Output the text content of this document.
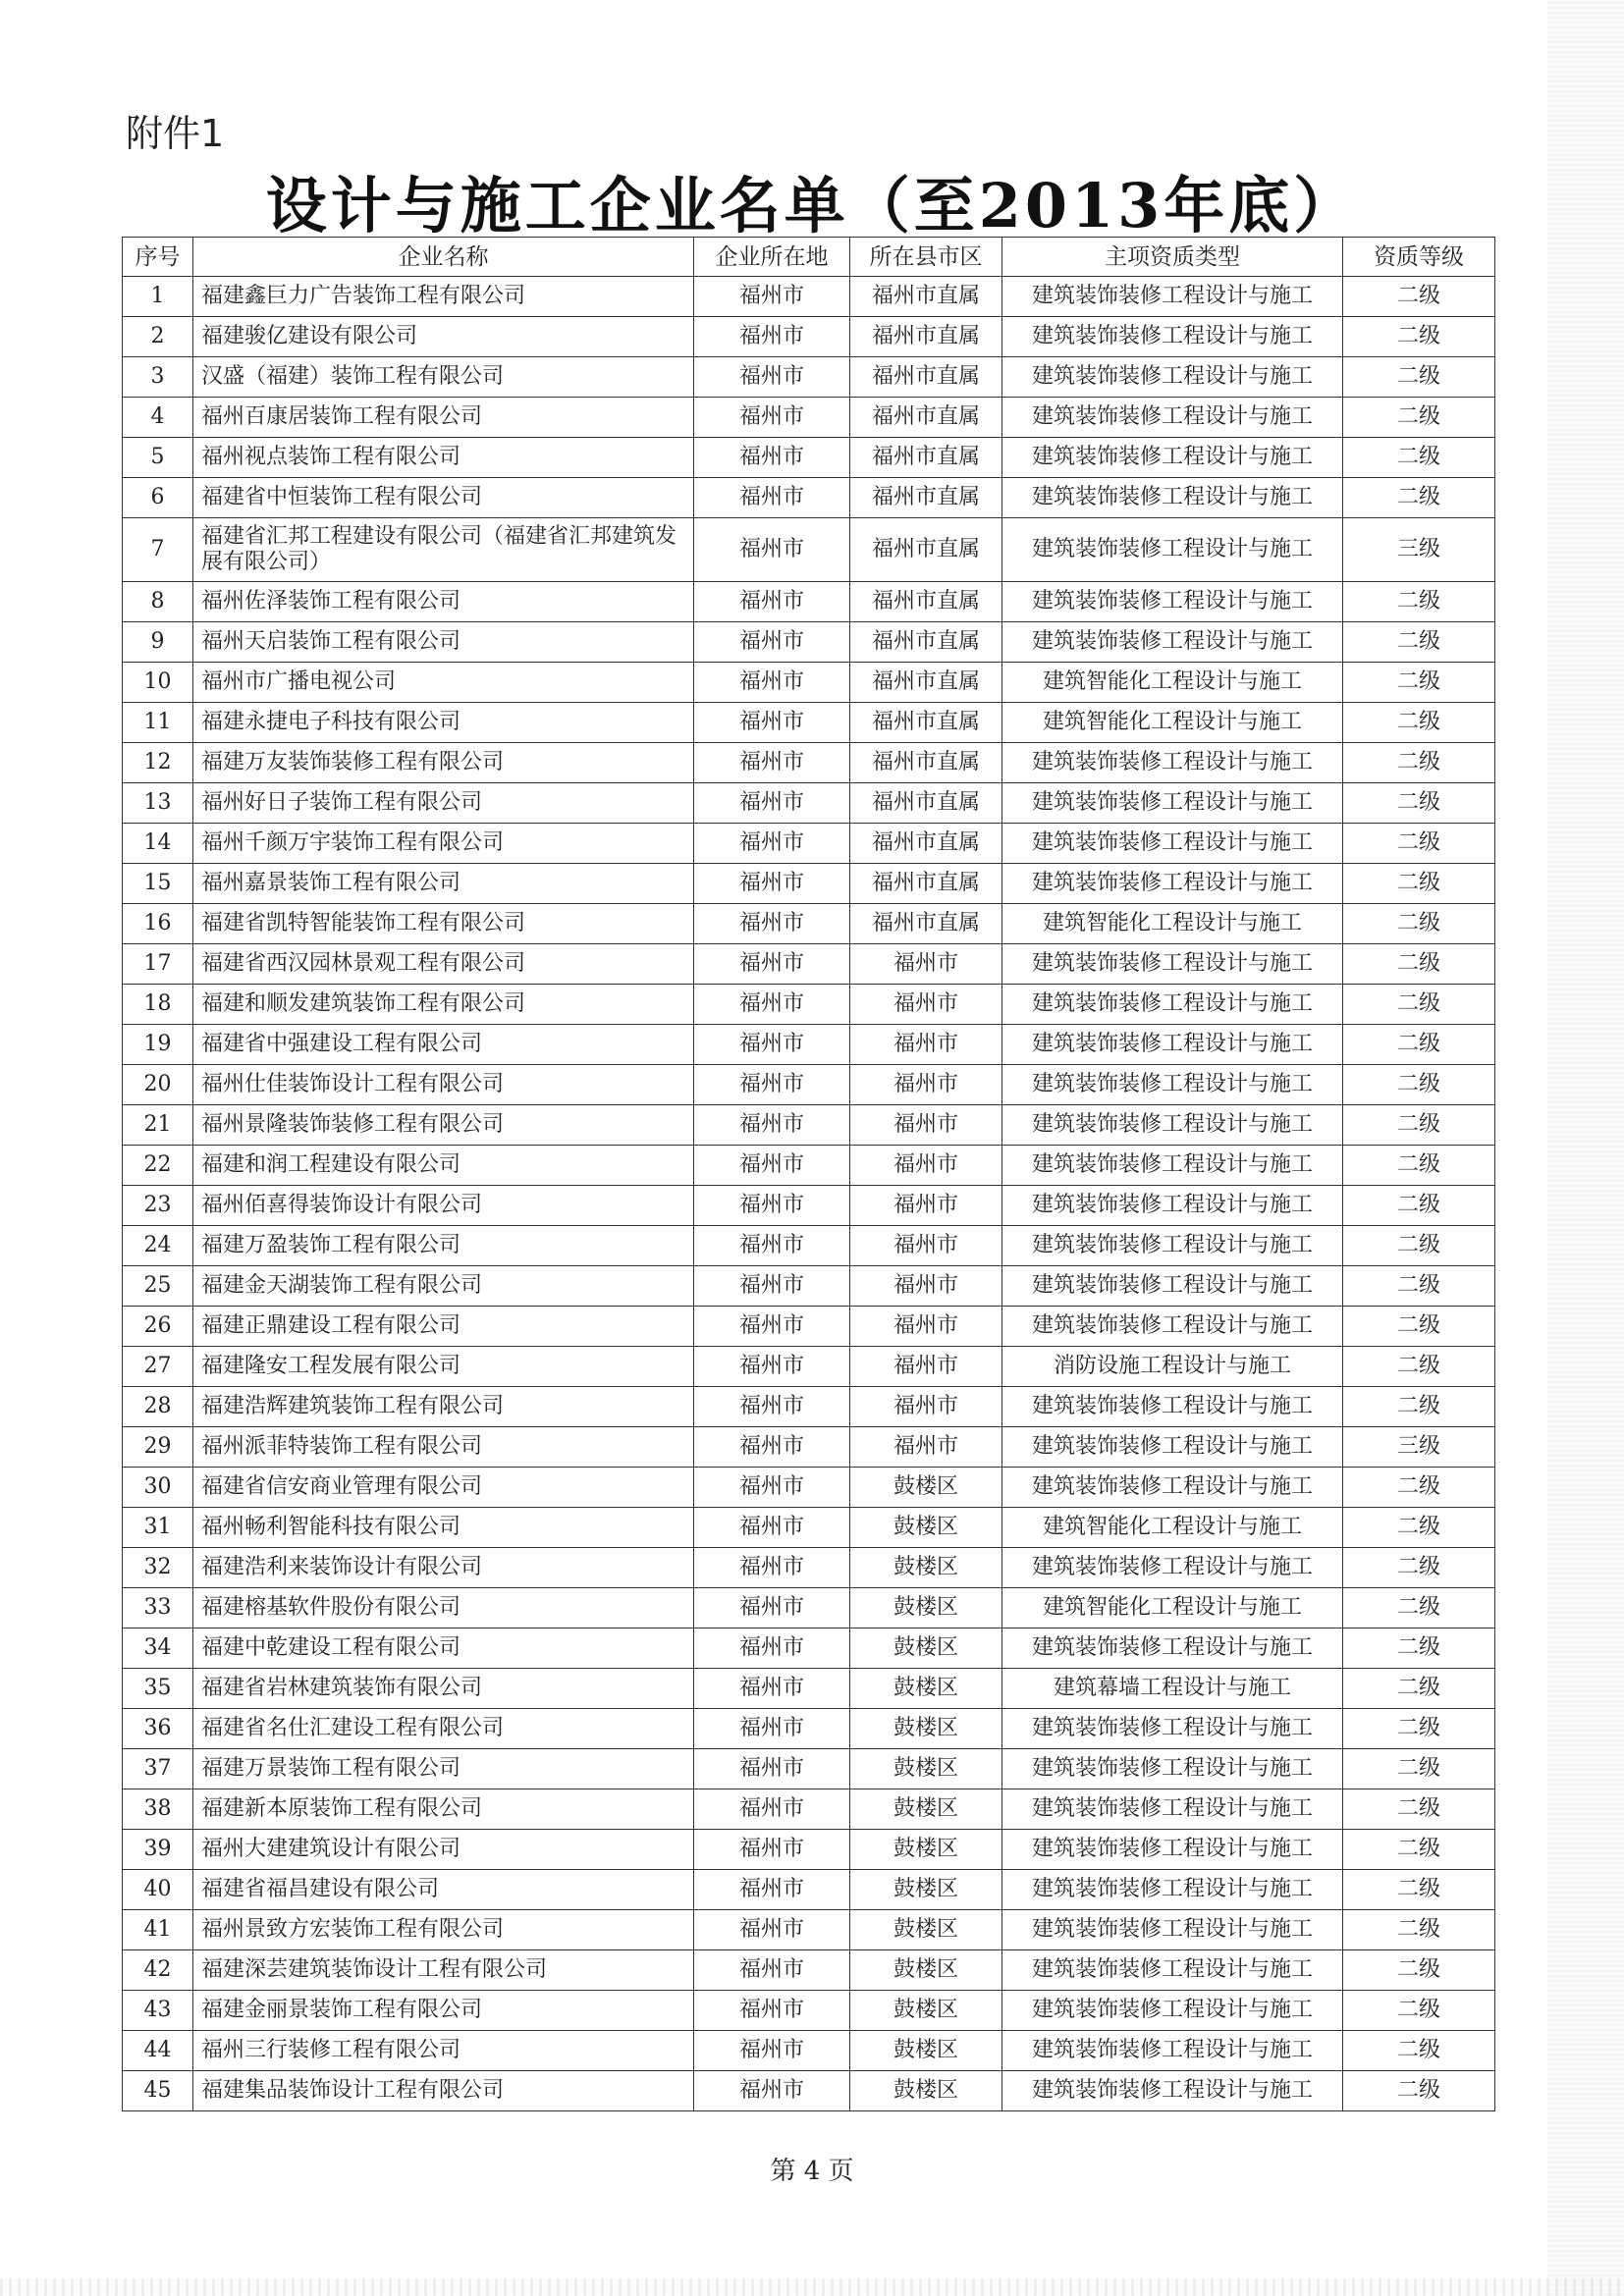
附件1
设计与施工企业名单（至2013年底）
序号	企业名称	企业所在地	所在县市区	主项资质类型	资质等级
1	福建鑫巨力广告装饰工程有限公司	福州市	福州市直属	建筑装饰装修工程设计与施工	二级
2	福建骏亿建设有限公司	福州市	福州市直属	建筑装饰装修工程设计与施工	二级
3	汉盛（福建）装饰工程有限公司	福州市	福州市直属	建筑装饰装修工程设计与施工	二级
4	福州百康居装饰工程有限公司	福州市	福州市直属	建筑装饰装修工程设计与施工	二级
5	福州视点装饰工程有限公司	福州市	福州市直属	建筑装饰装修工程设计与施工	二级
6	福建省中恒装饰工程有限公司	福州市	福州市直属	建筑装饰装修工程设计与施工	二级
7	福建省汇邦工程建设有限公司（福建省汇邦建筑发展有限公司）	福州市	福州市直属	建筑装饰装修工程设计与施工	三级
8	福州佐泽装饰工程有限公司	福州市	福州市直属	建筑装饰装修工程设计与施工	二级
9	福州天启装饰工程有限公司	福州市	福州市直属	建筑装饰装修工程设计与施工	二级
10	福州市广播电视公司	福州市	福州市直属	建筑智能化工程设计与施工	二级
11	福建永捷电子科技有限公司	福州市	福州市直属	建筑智能化工程设计与施工	二级
12	福建万友装饰装修工程有限公司	福州市	福州市直属	建筑装饰装修工程设计与施工	二级
13	福州好日子装饰工程有限公司	福州市	福州市直属	建筑装饰装修工程设计与施工	二级
14	福州千颜万宇装饰工程有限公司	福州市	福州市直属	建筑装饰装修工程设计与施工	二级
15	福州嘉景装饰工程有限公司	福州市	福州市直属	建筑装饰装修工程设计与施工	二级
16	福建省凯特智能装饰工程有限公司	福州市	福州市直属	建筑智能化工程设计与施工	二级
17	福建省西汉园林景观工程有限公司	福州市	福州市	建筑装饰装修工程设计与施工	二级
18	福建和顺发建筑装饰工程有限公司	福州市	福州市	建筑装饰装修工程设计与施工	二级
19	福建省中强建设工程有限公司	福州市	福州市	建筑装饰装修工程设计与施工	二级
20	福州仕佳装饰设计工程有限公司	福州市	福州市	建筑装饰装修工程设计与施工	二级
21	福州景隆装饰装修工程有限公司	福州市	福州市	建筑装饰装修工程设计与施工	二级
22	福建和润工程建设有限公司	福州市	福州市	建筑装饰装修工程设计与施工	二级
23	福州佰喜得装饰设计有限公司	福州市	福州市	建筑装饰装修工程设计与施工	二级
24	福建万盈装饰工程有限公司	福州市	福州市	建筑装饰装修工程设计与施工	二级
25	福建金天湖装饰工程有限公司	福州市	福州市	建筑装饰装修工程设计与施工	二级
26	福建正鼎建设工程有限公司	福州市	福州市	建筑装饰装修工程设计与施工	二级
27	福建隆安工程发展有限公司	福州市	福州市	消防设施工程设计与施工	二级
28	福建浩辉建筑装饰工程有限公司	福州市	福州市	建筑装饰装修工程设计与施工	二级
29	福州派菲特装饰工程有限公司	福州市	福州市	建筑装饰装修工程设计与施工	三级
30	福建省信安商业管理有限公司	福州市	鼓楼区	建筑装饰装修工程设计与施工	二级
31	福州畅利智能科技有限公司	福州市	鼓楼区	建筑智能化工程设计与施工	二级
32	福建浩利来装饰设计有限公司	福州市	鼓楼区	建筑装饰装修工程设计与施工	二级
33	福建榕基软件股份有限公司	福州市	鼓楼区	建筑智能化工程设计与施工	二级
34	福建中乾建设工程有限公司	福州市	鼓楼区	建筑装饰装修工程设计与施工	二级
35	福建省岩林建筑装饰有限公司	福州市	鼓楼区	建筑幕墙工程设计与施工	二级
36	福建省名仕汇建设工程有限公司	福州市	鼓楼区	建筑装饰装修工程设计与施工	二级
37	福建万景装饰工程有限公司	福州市	鼓楼区	建筑装饰装修工程设计与施工	二级
38	福建新本原装饰工程有限公司	福州市	鼓楼区	建筑装饰装修工程设计与施工	二级
39	福州大建建筑设计有限公司	福州市	鼓楼区	建筑装饰装修工程设计与施工	二级
40	福建省福昌建设有限公司	福州市	鼓楼区	建筑装饰装修工程设计与施工	二级
41	福州景致方宏装饰工程有限公司	福州市	鼓楼区	建筑装饰装修工程设计与施工	二级
42	福建深芸建筑装饰设计工程有限公司	福州市	鼓楼区	建筑装饰装修工程设计与施工	二级
43	福建金丽景装饰工程有限公司	福州市	鼓楼区	建筑装饰装修工程设计与施工	二级
44	福州三行装修工程有限公司	福州市	鼓楼区	建筑装饰装修工程设计与施工	二级
45	福建集品装饰设计工程有限公司	福州市	鼓楼区	建筑装饰装修工程设计与施工	二级
第 4 页
